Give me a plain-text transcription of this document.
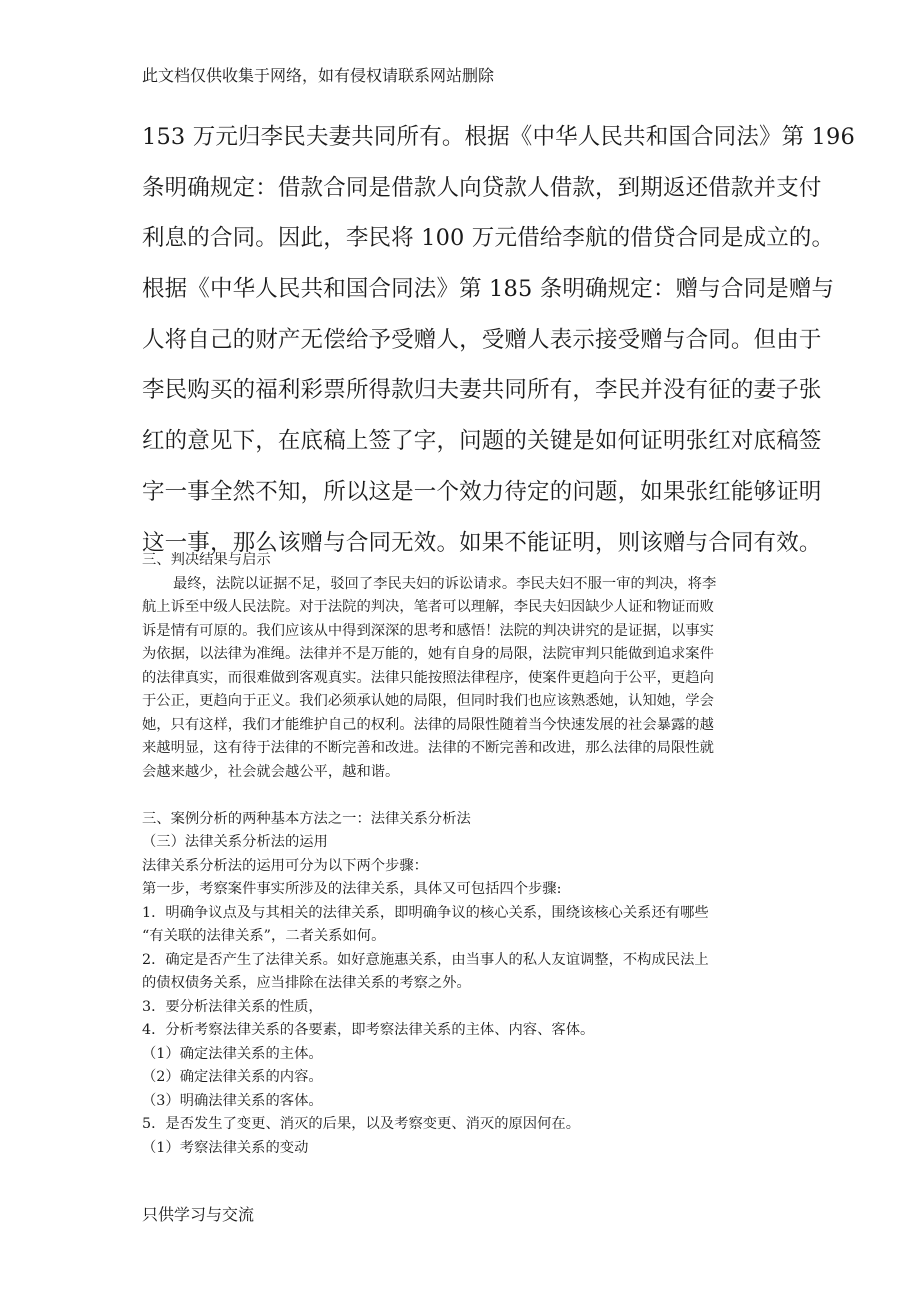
此文档仅供收集于网络，如有侵权请联系网站删除
153 万元归李民夫妻共同所有。根据《中华人民共和国合同法》第 196
条明确规定：借款合同是借款人向贷款人借款，到期返还借款并支付
利息的合同。因此，李民将 100 万元借给李航的借贷合同是成立的。
根据《中华人民共和国合同法》第 185 条明确规定：赠与合同是赠与
人将自己的财产无偿给予受赠人，受赠人表示接受赠与合同。但由于
李民购买的福利彩票所得款归夫妻共同所有，李民并没有征的妻子张
红的意见下，在底稿上签了字，问题的关键是如何证明张红对底稿签
字一事全然不知，所以这是一个效力待定的问题，如果张红能够证明
这一事，那么该赠与合同无效。如果不能证明，则该赠与合同有效。
三、判决结果与启示
最终，法院以证据不足，驳回了李民夫妇的诉讼请求。李民夫妇不服一审的判决，将李
航上诉至中级人民法院。对于法院的判决，笔者可以理解，李民夫妇因缺少人证和物证而败
诉是情有可原的。我们应该从中得到深深的思考和感悟！法院的判决讲究的是证据，以事实
为依据，以法律为准绳。法律并不是万能的，她有自身的局限，法院审判只能做到追求案件
的法律真实，而很难做到客观真实。法律只能按照法律程序，使案件更趋向于公平，更趋向
于公正，更趋向于正义。我们必须承认她的局限，但同时我们也应该熟悉她，认知她，学会
她，只有这样，我们才能维护自己的权利。法律的局限性随着当今快速发展的社会暴露的越
来越明显，这有待于法律的不断完善和改进。法律的不断完善和改进，那么法律的局限性就
会越来越少，社会就会越公平，越和谐。
三、案例分析的两种基本方法之一：法律关系分析法
（三）法律关系分析法的运用
法律关系分析法的运用可分为以下两个步骤：
第一步，考察案件事实所涉及的法律关系，具体又可包括四个步骤:
1．明确争议点及与其相关的法律关系，即明确争议的核心关系，围绕该核心关系还有哪些
“有关联的法律关系”，二者关系如何。
2．确定是否产生了法律关系。如好意施惠关系，由当事人的私人友谊调整，不构成民法上
的债权债务关系，应当排除在法律关系的考察之外。
3．要分析法律关系的性质，
4．分析考察法律关系的各要素，即考察法律关系的主体、内容、客体。
（1）确定法律关系的主体。
（2）确定法律关系的内容。
（3）明确法律关系的客体。
5．是否发生了变更、消灭的后果，以及考察变更、消灭的原因何在。
（1）考察法律关系的变动
只供学习与交流
